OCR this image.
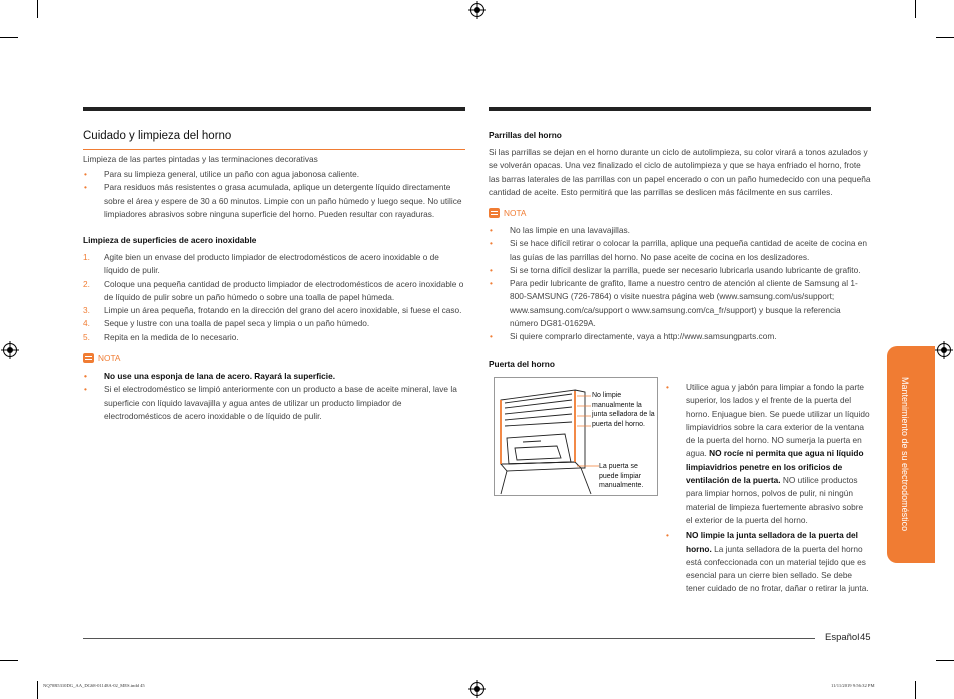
Cuidado y limpieza del horno
Limpieza de las partes pintadas y las terminaciones decorativas
• Para su limpieza general, utilice un paño con agua jabonosa caliente.
• Para residuos más resistentes o grasa acumulada, aplique un detergente líquido directamente sobre el área y espere de 30 a 60 minutos. Limpie con un paño húmedo y luego seque. No utilice limpiadores abrasivos sobre ninguna superficie del horno. Pueden resultar con rayaduras.
Limpieza de superficies de acero inoxidable
1. Agite bien un envase del producto limpiador de electrodomésticos de acero inoxidable o de líquido de pulir.
2. Coloque una pequeña cantidad de producto limpiador de electrodomésticos de acero inoxidable o de líquido de pulir sobre un paño húmedo o sobre una toalla de papel húmeda.
3. Limpie un área pequeña, frotando en la dirección del grano del acero inoxidable, si fuese el caso.
4. Seque y lustre con una toalla de papel seca y limpia o un paño húmedo.
5. Repita en la medida de lo necesario.
NOTA
• No use una esponja de lana de acero. Rayará la superficie.
• Si el electrodoméstico se limpió anteriormente con un producto a base de aceite mineral, lave la superficie con líquido lavavajilla y agua antes de utilizar un producto limpiador de electrodomésticos de acero inoxidable o de líquido de pulir.
Parrillas del horno
Si las parrillas se dejan en el horno durante un ciclo de autolimpieza, su color virará a tonos azulados y se volverán opacas. Una vez finalizado el ciclo de autolimpieza y que se haya enfriado el horno, frote las barras laterales de las parrillas con un papel encerado o con un paño humedecido con una pequeña cantidad de aceite. Esto permitirá que las parrillas se deslicen más fácilmente en sus carriles.
NOTA
• No las limpie en una lavavajillas.
• Si se hace difícil retirar o colocar la parrilla, aplique una pequeña cantidad de aceite de cocina en las guías de las parrillas del horno. No pase aceite de cocina en los deslizadores.
• Si se torna difícil deslizar la parrilla, puede ser necesario lubricarla usando lubricante de grafito.
• Para pedir lubricante de grafito, llame a nuestro centro de atención al cliente de Samsung al 1-800-SAMSUNG (726-7864) o visite nuestra página web (www.samsung.com/us/support; www.samsung.com/ca/support o www.samsung.com/ca_fr/support) y busque la referencia número DG81-01629A.
• Si quiere comprarlo directamente, vaya a http://www.samsungparts.com.
Puerta del horno
No limpie manualmente la junta selladora de la puerta del horno.
La puerta se puede limpiar manualmente.
• Utilice agua y jabón para limpiar a fondo la parte superior, los lados y el frente de la puerta del horno. Enjuague bien. Se puede utilizar un líquido limpiavidrios sobre la cara exterior de la ventana de la puerta del horno. NO sumerja la puerta en agua. NO rocíe ni permita que agua ni líquido limpiavidrios penetre en los orificios de ventilación de la puerta. NO utilice productos para limpiar hornos, polvos de pulir, ni ningún material de limpieza fuertemente abrasivo sobre el exterior de la puerta del horno.
• NO limpie la junta selladora de la puerta del horno. La junta selladora de la puerta del horno está confeccionada con un material tejido que es esencial para un cierre bien sellado. Se debe tener cuidado de no frotar, dañar o retirar la junta.
Mantenimiento de su electrodoméstico
Español 45
NQ70R5310DG_AA_DG68-01148A-02_MES.indd 45	11/11/2019 9:56:32 PM
